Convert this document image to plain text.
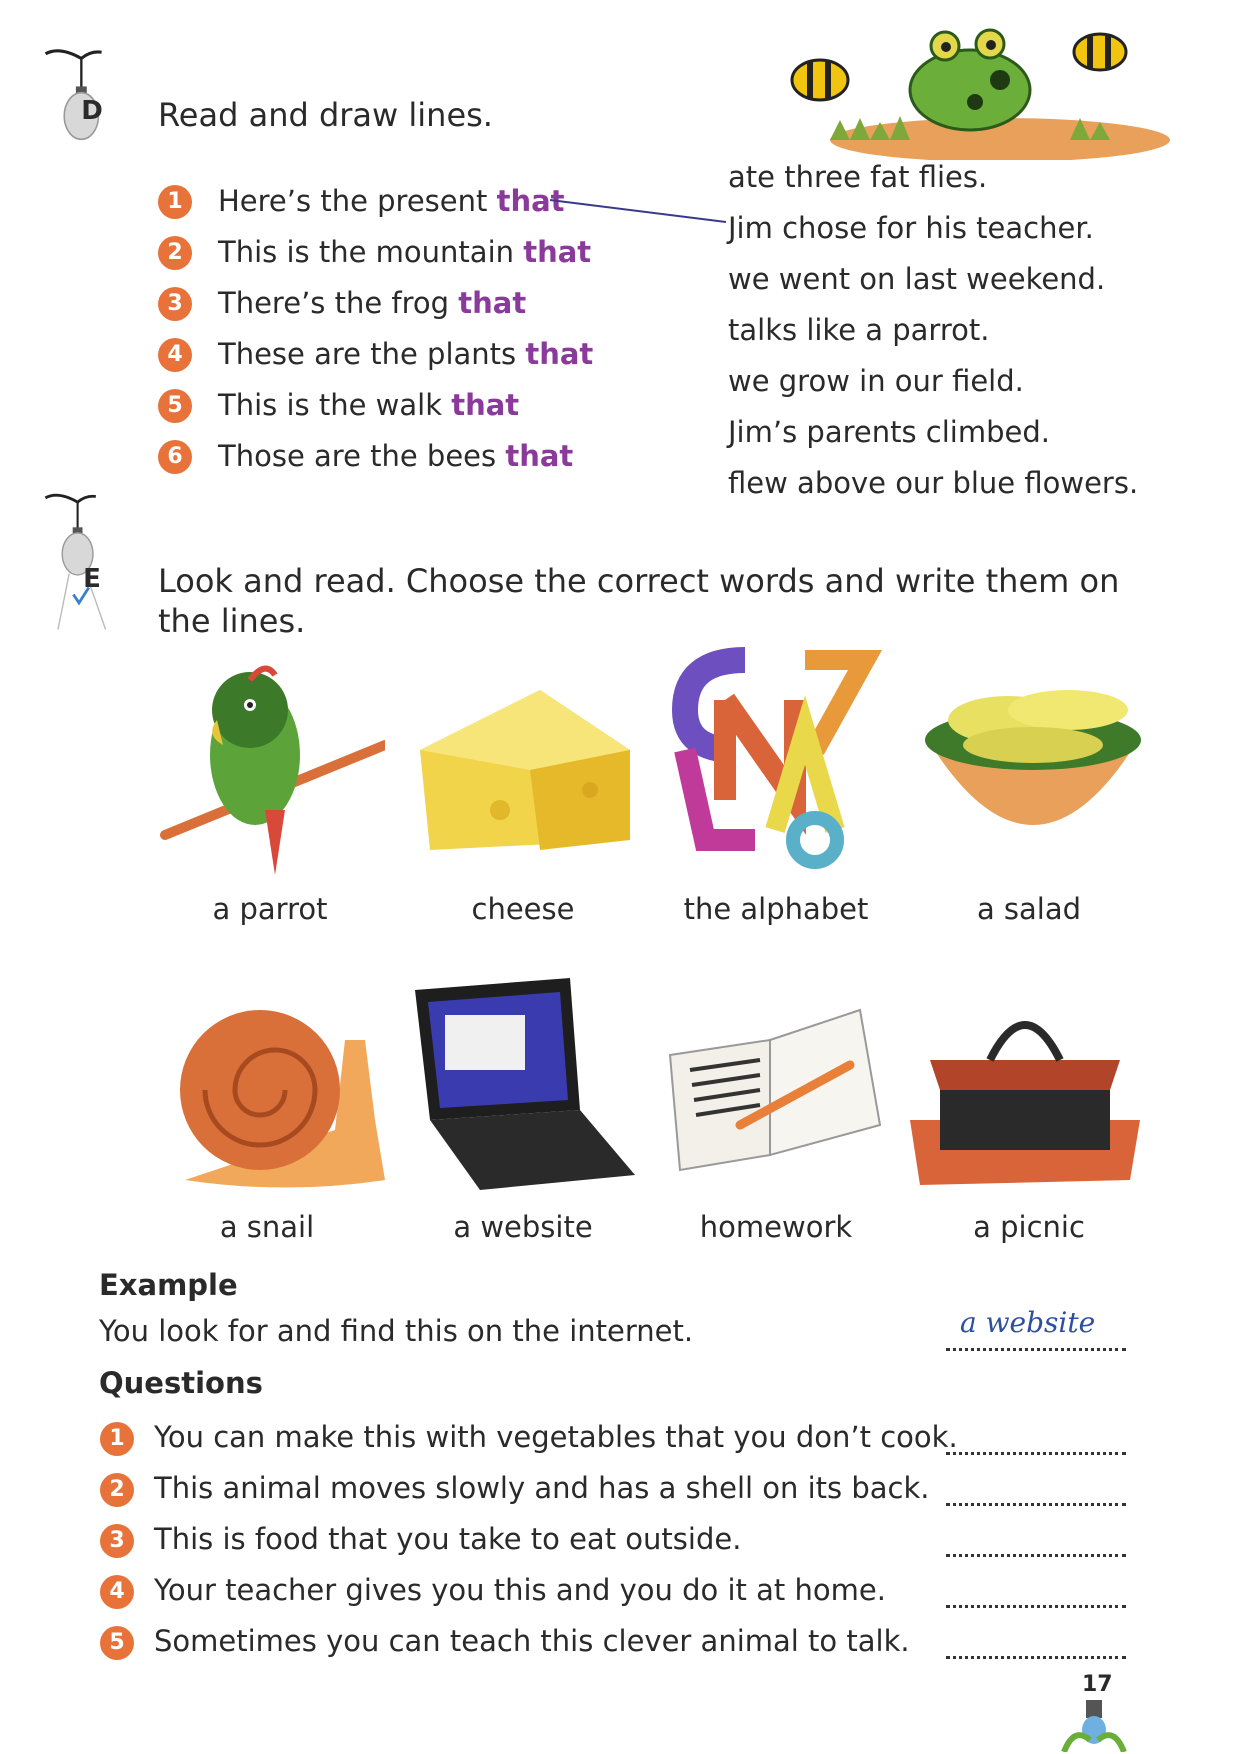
D Read and draw lines.
1	Here’s the present that
2	This is the mountain that
3	There’s the frog that
4	These are the plants that
5	This is the walk that
6	Those are the bees that
ate three fat flies.
Jim chose for his teacher.
we went on last weekend.
talks like a parrot.
we grow in our field.
Jim’s parents climbed.
flew above our blue flowers.
E Look and read. Choose the correct words and write them on
the lines.
a parrot	cheese	the alphabet	a salad
a snail	a website	homework	a picnic
Example
You look for and find this on the internet.	a website
Questions
1	You can make this with vegetables that you don’t cook.
2	This animal moves slowly and has a shell on its back.
3	This is food that you take to eat outside.
4	Your teacher gives you this and you do it at home.
5	Sometimes you can teach this clever animal to talk.
17
